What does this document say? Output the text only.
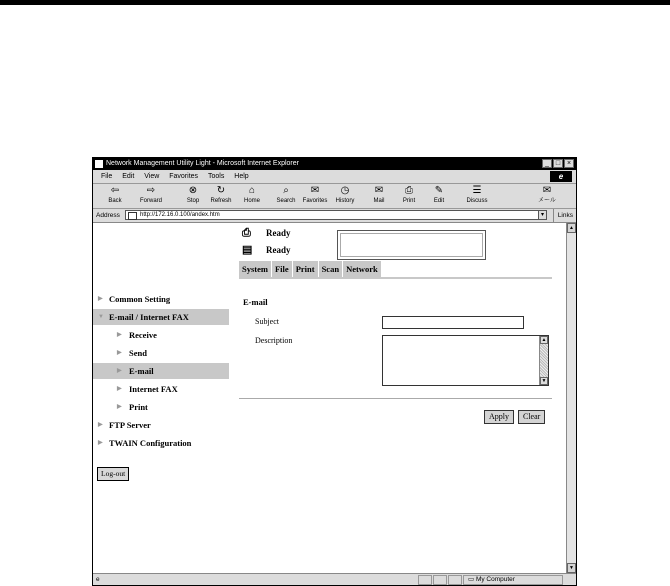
Network Management Utility Light - Microsoft Internet Explorer	_ □ ×
File Edit View Favorites Tools Help	e
⇦
Back
⇨
Forward
⊗
Stop
↻
Refresh
⌂
Home
⌕
Search
✉
Favorites
◷
History
✉
Mail
⎙
Print
✎
Edit
☰
Discuss
✉
メール
Address	http://172.16.0.100/andex.htm	▾	Links
▶ Common Setting
▼ E-mail / Internet FAX
▶ Receive
▶ Send
▶ E-mail
▶ Internet FAX
▶ Print
▶ FTP Server
▶ TWAIN Configuration
Log-out
⎙	Ready
▤	Ready
System File Print Scan Network
E-mail
Subject
Description	▲
▼
Apply	Clear
▲
▼
e	▭ My Computer
